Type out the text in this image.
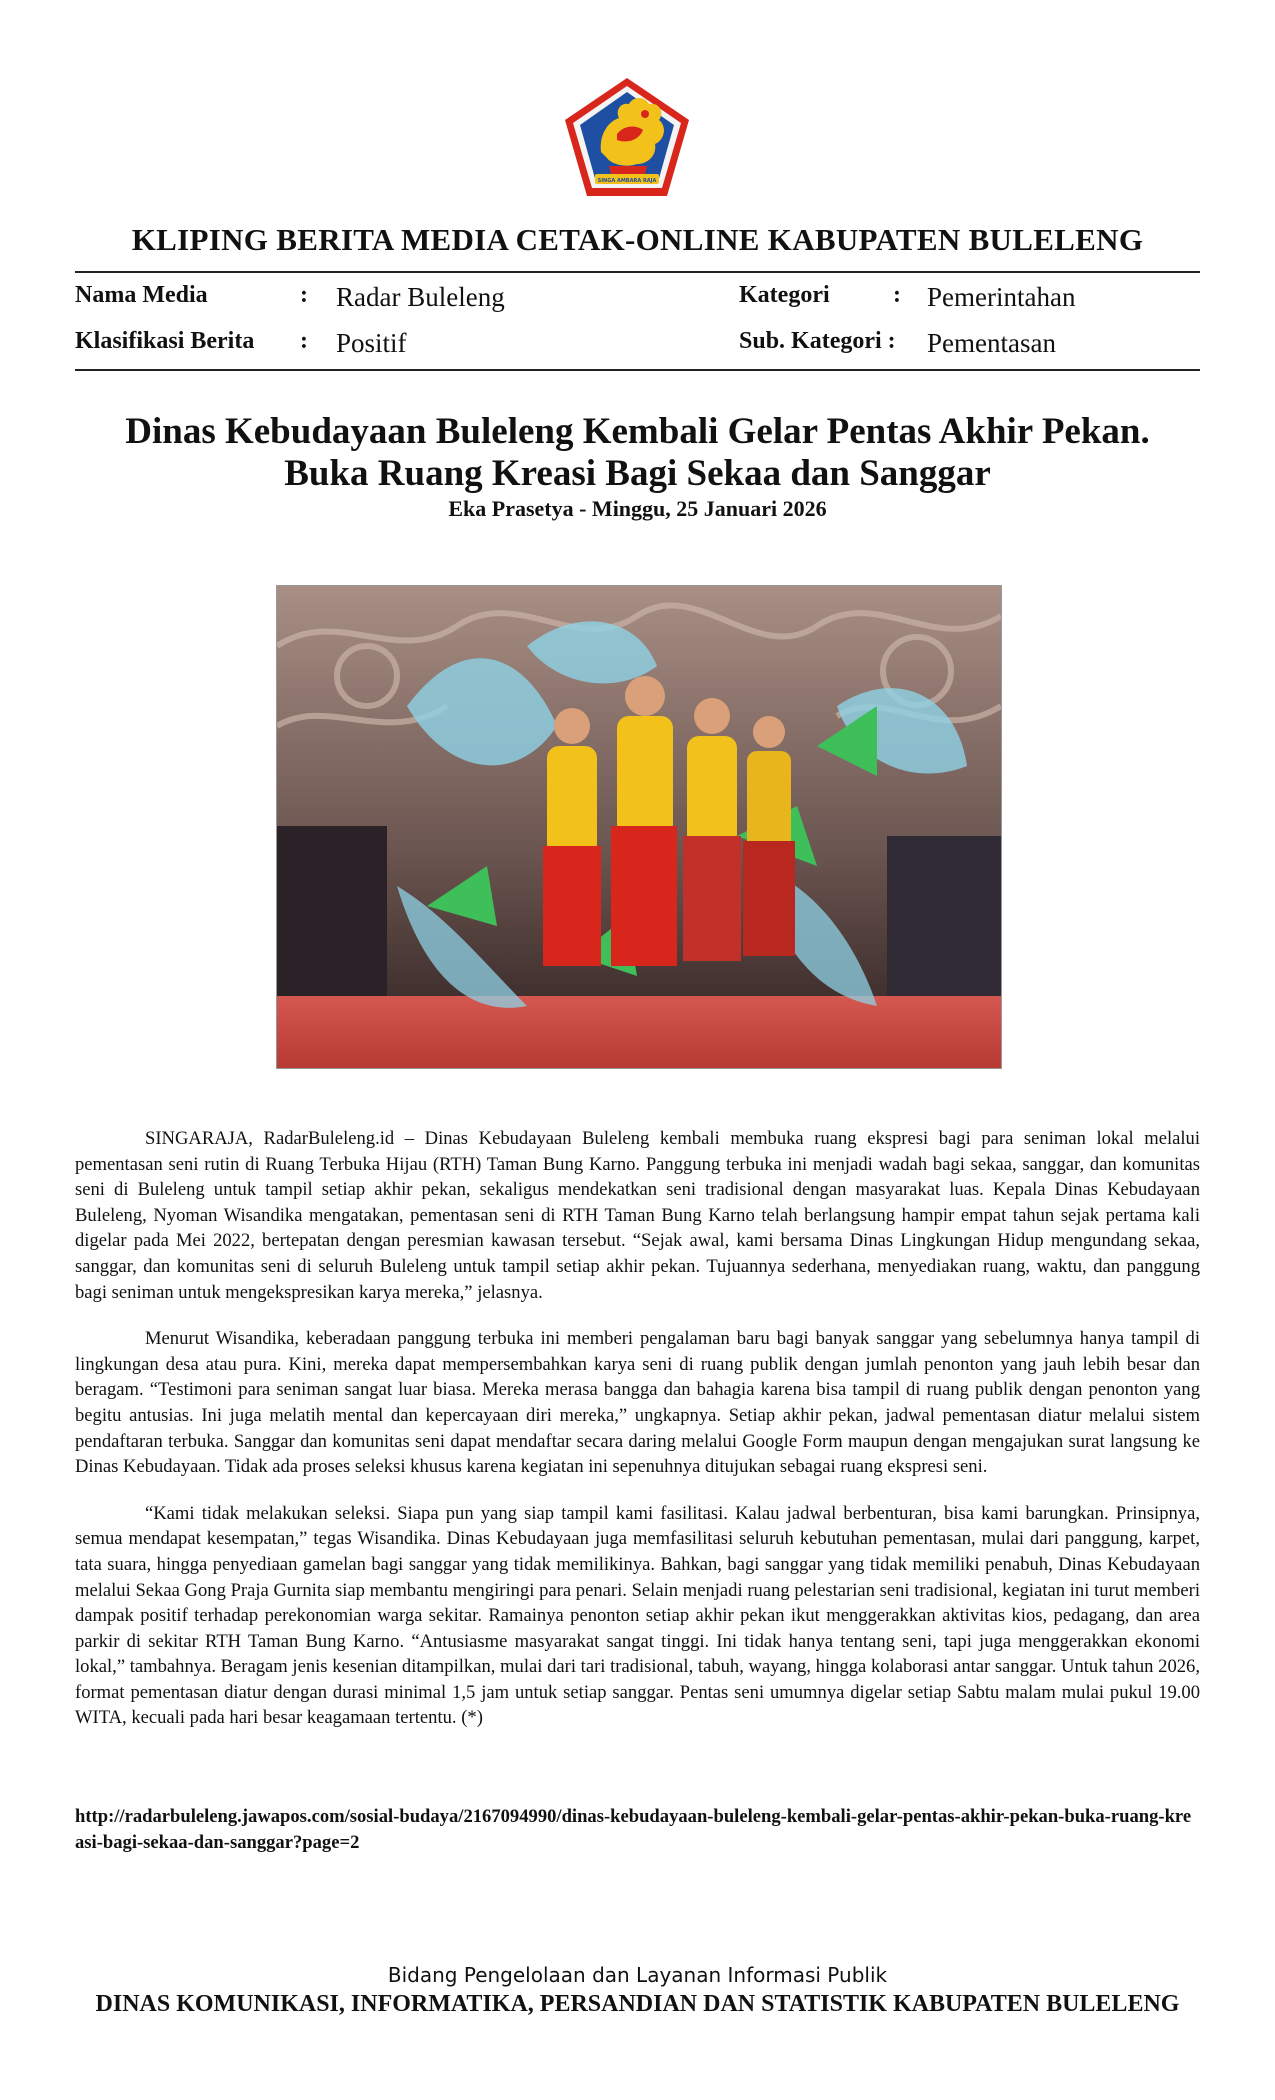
SINGA AMBARA RAJA
KLIPING BERITA MEDIA CETAK-ONLINE KABUPATEN BULELENG
Nama Media	: Radar Buleleng
Klasifikasi Berita : Positif
Kategori	: Pemerintahan
Sub. Kategori : Pementasan
Dinas Kebudayaan Buleleng Kembali Gelar Pentas Akhir Pekan.
Buka Ruang Kreasi Bagi Sekaa dan Sanggar
Eka Prasetya - Minggu, 25 Januari 2026

SINGARAJA, RadarBuleleng.id – Dinas Kebudayaan Buleleng kembali membuka ruang ekspresi bagi para seniman lokal melalui pementasan seni rutin di Ruang Terbuka Hijau (RTH) Taman Bung Karno. Panggung terbuka ini menjadi wadah bagi sekaa, sanggar, dan komunitas seni di Buleleng untuk tampil setiap akhir pekan, sekaligus mendekatkan seni tradisional dengan masyarakat luas. Kepala Dinas Kebudayaan Buleleng, Nyoman Wisandika mengatakan, pementasan seni di RTH Taman Bung Karno telah berlangsung hampir empat tahun sejak pertama kali digelar pada Mei 2022, bertepatan dengan peresmian kawasan tersebut. “Sejak awal, kami bersama Dinas Lingkungan Hidup mengundang sekaa, sanggar, dan komunitas seni di seluruh Buleleng untuk tampil setiap akhir pekan. Tujuannya sederhana, menyediakan ruang, waktu, dan panggung bagi seniman untuk mengekspresikan karya mereka,” jelasnya.

Menurut Wisandika, keberadaan panggung terbuka ini memberi pengalaman baru bagi banyak sanggar yang sebelumnya hanya tampil di lingkungan desa atau pura. Kini, mereka dapat mempersembahkan karya seni di ruang publik dengan jumlah penonton yang jauh lebih besar dan beragam. “Testimoni para seniman sangat luar biasa. Mereka merasa bangga dan bahagia karena bisa tampil di ruang publik dengan penonton yang begitu antusias. Ini juga melatih mental dan kepercayaan diri mereka,” ungkapnya. Setiap akhir pekan, jadwal pementasan diatur melalui sistem pendaftaran terbuka. Sanggar dan komunitas seni dapat mendaftar secara daring melalui Google Form maupun dengan mengajukan surat langsung ke Dinas Kebudayaan. Tidak ada proses seleksi khusus karena kegiatan ini sepenuhnya ditujukan sebagai ruang ekspresi seni.

“Kami tidak melakukan seleksi. Siapa pun yang siap tampil kami fasilitasi. Kalau jadwal berbenturan, bisa kami barungkan. Prinsipnya, semua mendapat kesempatan,” tegas Wisandika. Dinas Kebudayaan juga memfasilitasi seluruh kebutuhan pementasan, mulai dari panggung, karpet, tata suara, hingga penyediaan gamelan bagi sanggar yang tidak memilikinya. Bahkan, bagi sanggar yang tidak memiliki penabuh, Dinas Kebudayaan melalui Sekaa Gong Praja Gurnita siap membantu mengiringi para penari. Selain menjadi ruang pelestarian seni tradisional, kegiatan ini turut memberi dampak positif terhadap perekonomian warga sekitar. Ramainya penonton setiap akhir pekan ikut menggerakkan aktivitas kios, pedagang, dan area parkir di sekitar RTH Taman Bung Karno. “Antusiasme masyarakat sangat tinggi. Ini tidak hanya tentang seni, tapi juga menggerakkan ekonomi lokal,” tambahnya. Beragam jenis kesenian ditampilkan, mulai dari tari tradisional, tabuh, wayang, hingga kolaborasi antar sanggar. Untuk tahun 2026, format pementasan diatur dengan durasi minimal 1,5 jam untuk setiap sanggar. Pentas seni umumnya digelar setiap Sabtu malam mulai pukul 19.00 WITA, kecuali pada hari besar keagamaan tertentu. (*)

http://radarbuleleng.jawapos.com/sosial-budaya/2167094990/dinas-kebudayaan-buleleng-kembali-gelar-pentas-akhir-pekan-buka-ruang-kreasi-bagi-sekaa-dan-sanggar?page=2
Bidang Pengelolaan dan Layanan Informasi Publik
DINAS KOMUNIKASI, INFORMATIKA, PERSANDIAN DAN STATISTIK KABUPATEN BULELENG
